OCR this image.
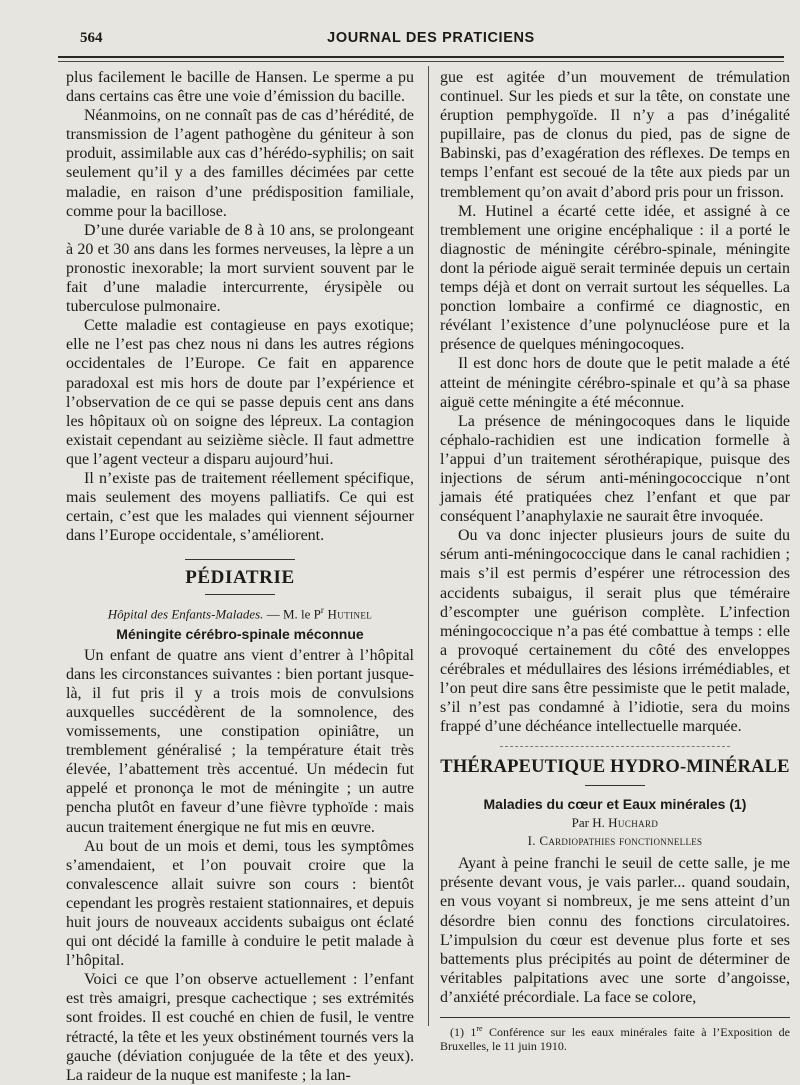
564	JOURNAL DES PRATICIENS

plus facilement le bacille de Hansen. Le sperme a pu dans certains cas être une voie d’émission du bacille.

Néanmoins, on ne connaît pas de cas d’hérédité, de transmission de l’agent pathogène du géniteur à son produit, assimilable aux cas d’hérédo-syphilis; on sait seulement qu’il y a des familles décimées par cette maladie, en raison d’une prédisposition familiale, comme pour la bacillose.

D’une durée variable de 8 à 10 ans, se prolongeant à 20 et 30 ans dans les formes nerveuses, la lèpre a un pronostic inexorable; la mort survient souvent par le fait d’une maladie intercurrente, érysipèle ou tuberculose pulmonaire.

Cette maladie est contagieuse en pays exotique; elle ne l’est pas chez nous ni dans les autres régions occidentales de l’Europe. Ce fait en apparence paradoxal est mis hors de doute par l’expérience et l’observation de ce qui se passe depuis cent ans dans les hôpitaux où on soigne des lépreux. La contagion existait cependant au seizième siècle. Il faut admettre que l’agent vecteur a disparu aujourd’hui.

Il n’existe pas de traitement réellement spécifique, mais seulement des moyens palliatifs. Ce qui est certain, c’est que les malades qui viennent séjourner dans l’Europe occidentale, s’améliorent.

PÉDIATRIE

Hôpital des Enfants-Malades. — M. le $P^r$ Hutinel

Méningite cérébro-spinale méconnue

Un enfant de quatre ans vient d’entrer à l’hôpital dans les circonstances suivantes : bien portant jusque-là, il fut pris il y a trois mois de convulsions auxquelles succédèrent de la somnolence, des vomissements, une constipation opiniâtre, un tremblement généralisé ; la température était très élevée, l’abattement très accentué. Un médecin fut appelé et prononça le mot de méningite ; un autre pencha plutôt en faveur d’une fièvre typhoïde : mais aucun traitement énergique ne fut mis en œuvre.

Au bout de un mois et demi, tous les symptômes s’amendaient, et l’on pouvait croire que la convalescence allait suivre son cours : bientôt cependant les progrès restaient stationnaires, et depuis huit jours de nouveaux accidents subaigus ont éclaté qui ont décidé la famille à conduire le petit malade à l’hôpital.

Voici ce que l’on observe actuellement : l’enfant est très amaigri, presque cachectique ; ses extrémités sont froides. Il est couché en chien de fusil, le ventre rétracté, la tête et les yeux obstinément tournés vers la gauche (déviation conjuguée de la tête et des yeux). La raideur de la nuque est manifeste ; la lan-

gue est agitée d’un mouvement de trémulation continuel. Sur les pieds et sur la tête, on constate une éruption pemphygoïde. Il n’y a pas d’inégalité pupillaire, pas de clonus du pied, pas de signe de Babinski, pas d’exagération des réflexes. De temps en temps l’enfant est secoué de la tête aux pieds par un tremblement qu’on avait d’abord pris pour un frisson.

M. Hutinel a écarté cette idée, et assigné à ce tremblement une origine encéphalique : il a porté le diagnostic de méningite cérébro-spinale, méningite dont la période aiguë serait terminée depuis un certain temps déjà et dont on verrait surtout les séquelles. La ponction lombaire a confirmé ce diagnostic, en révélant l’existence d’une polynucléose pure et la présence de quelques méningocoques.

Il est donc hors de doute que le petit malade a été atteint de méningite cérébro-spinale et qu’à sa phase aiguë cette méningite a été méconnue.

La présence de méningocoques dans le liquide céphalo-rachidien est une indication formelle à l’appui d’un traitement sérothérapique, puisque des injections de sérum anti-méningococcique n’ont jamais été pratiquées chez l’enfant et que par conséquent l’anaphylaxie ne saurait être invoquée.

Ou va donc injecter plusieurs jours de suite du sérum anti-méningococcique dans le canal rachidien ; mais s’il est permis d’espérer une rétrocession des accidents subaigus, il serait plus que téméraire d’escompter une guérison complète. L’infection méningococcique n’a pas été combattue à temps : elle a provoqué certainement du côté des enveloppes cérébrales et médullaires des lésions irrémédiables, et l’on peut dire sans être pessimiste que le petit malade, s’il n’est pas condamné à l’idiotie, sera du moins frappé d’une déchéance intellectuelle marquée.

THÉRAPEUTIQUE HYDRO-MINÉRALE

Maladies du cœur et Eaux minérales (1)

Par H. Huchard

I. Cardiopathies fonctionnelles

Ayant à peine franchi le seuil de cette salle, je me présente devant vous, je vais parler... quand soudain, en vous voyant si nombreux, je me sens atteint d’un désordre bien connu des fonctions circulatoires. L’impulsion du cœur est devenue plus forte et ses battements plus précipités au point de déterminer de véritables palpitations avec une sorte d’angoisse, d’anxiété précordiale. La face se colore,

(1) 1re Conférence sur les eaux minérales faite à l’Exposition de Bruxelles, le 11 juin 1910.
